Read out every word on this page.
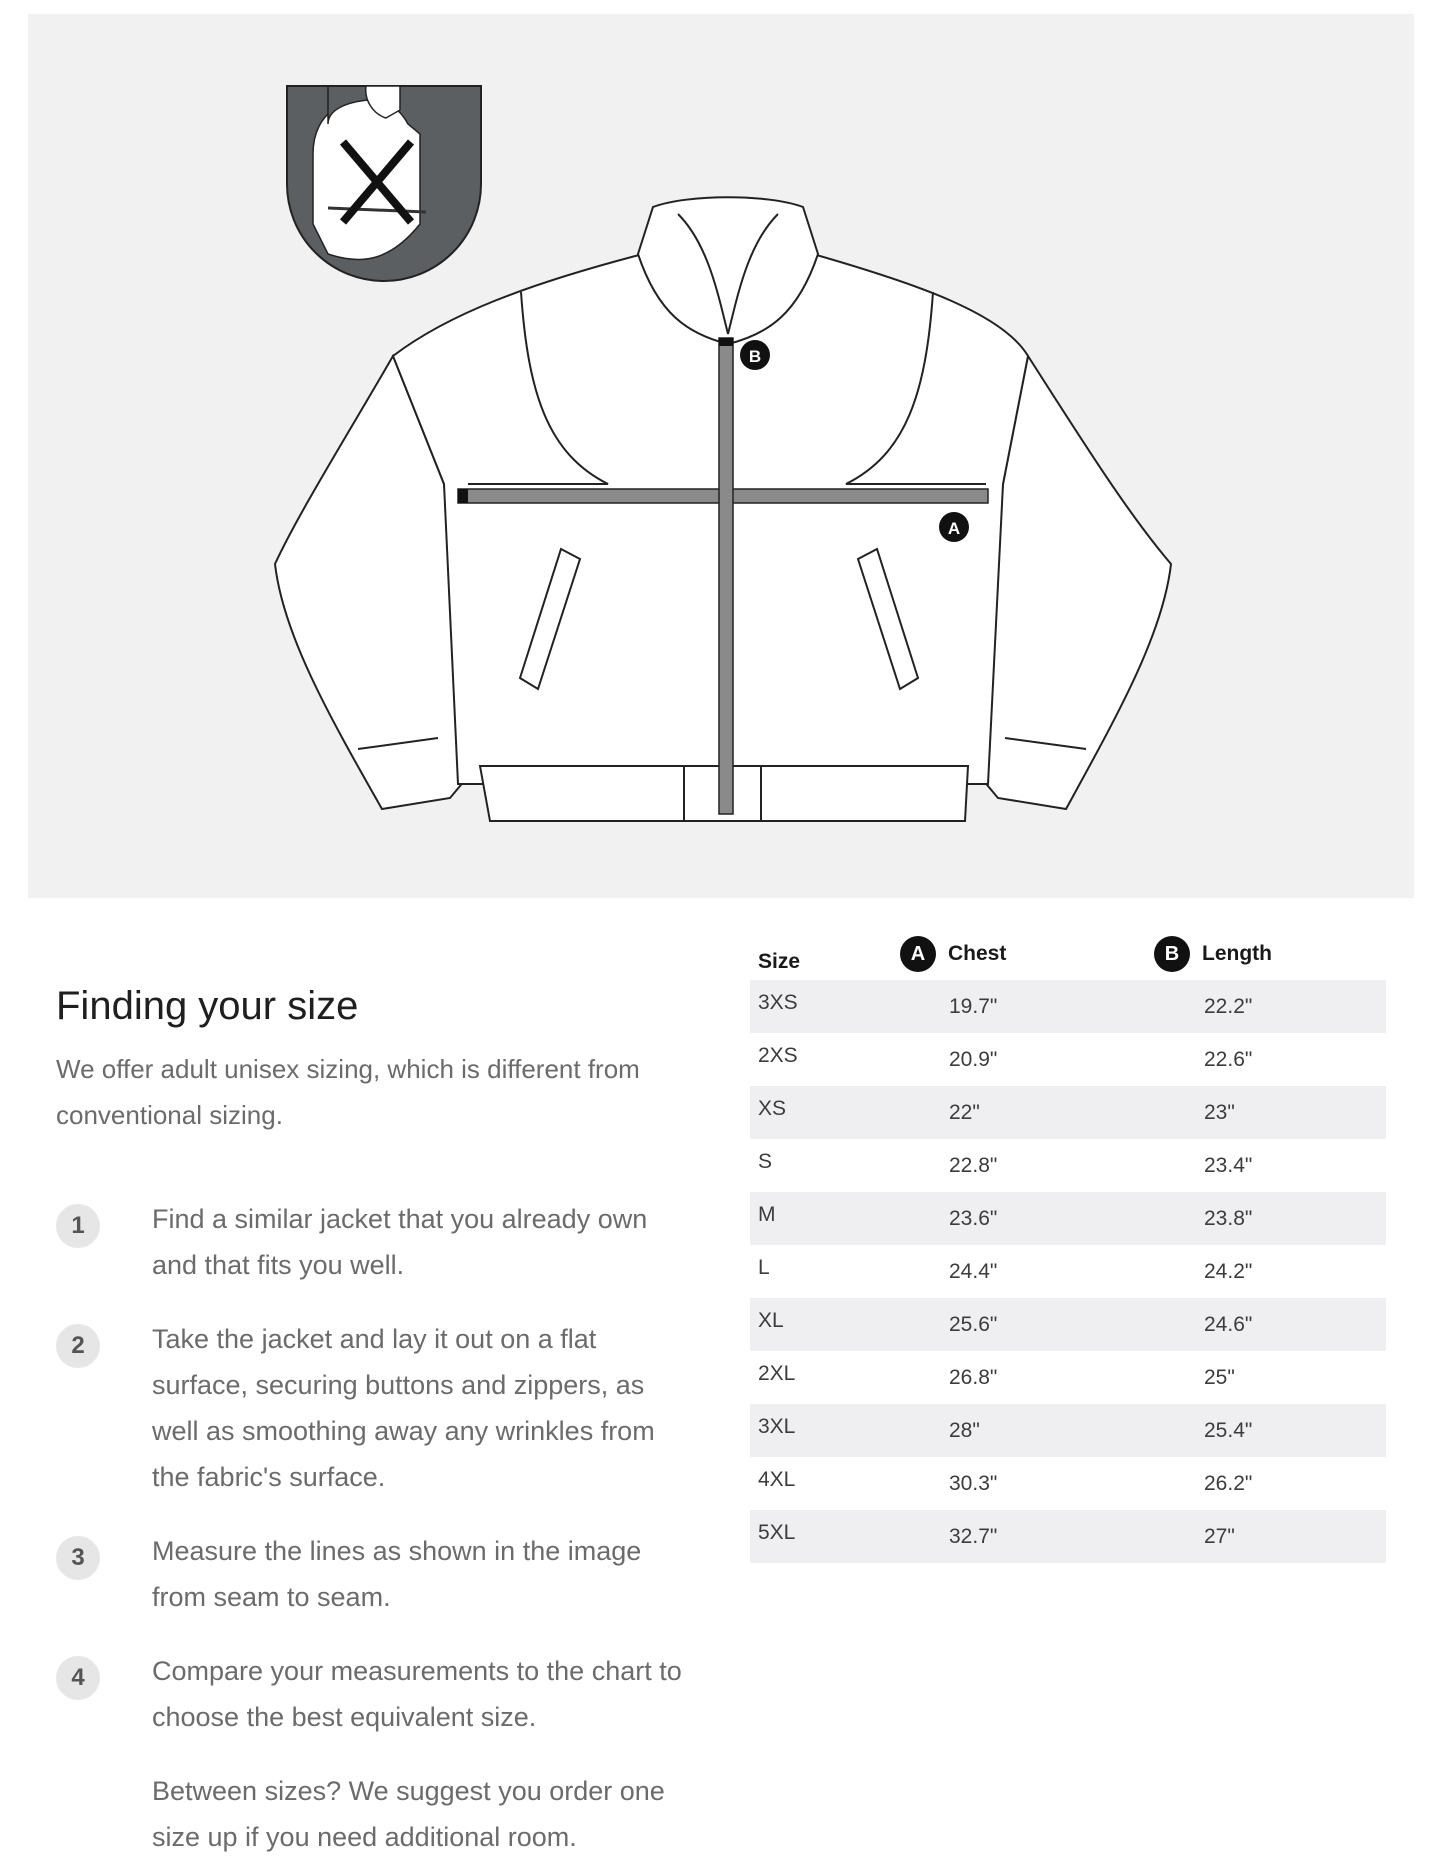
A
B
Finding your size
We offer adult unisex sizing, which is different from conventional sizing.
1	Find a similar jacket that you already own and that fits you well.
2	Take the jacket and lay it out on a flat surface, securing buttons and zippers, as well as smoothing away any wrinkles from the fabric's surface.
3	Measure the lines as shown in the image from seam to seam.
4	Compare your measurements to the chart to choose the best equivalent size.
Between sizes? We suggest you order one size up if you need additional room.
Size	A	Chest	B	Length
3XS	19.7"	22.2"
2XS	20.9"	22.6"
XS	22"	23"
S	22.8"	23.4"
M	23.6"	23.8"
L	24.4"	24.2"
XL	25.6"	24.6"
2XL	26.8"	25"
3XL	28"	25.4"
4XL	30.3"	26.2"
5XL	32.7"	27"
